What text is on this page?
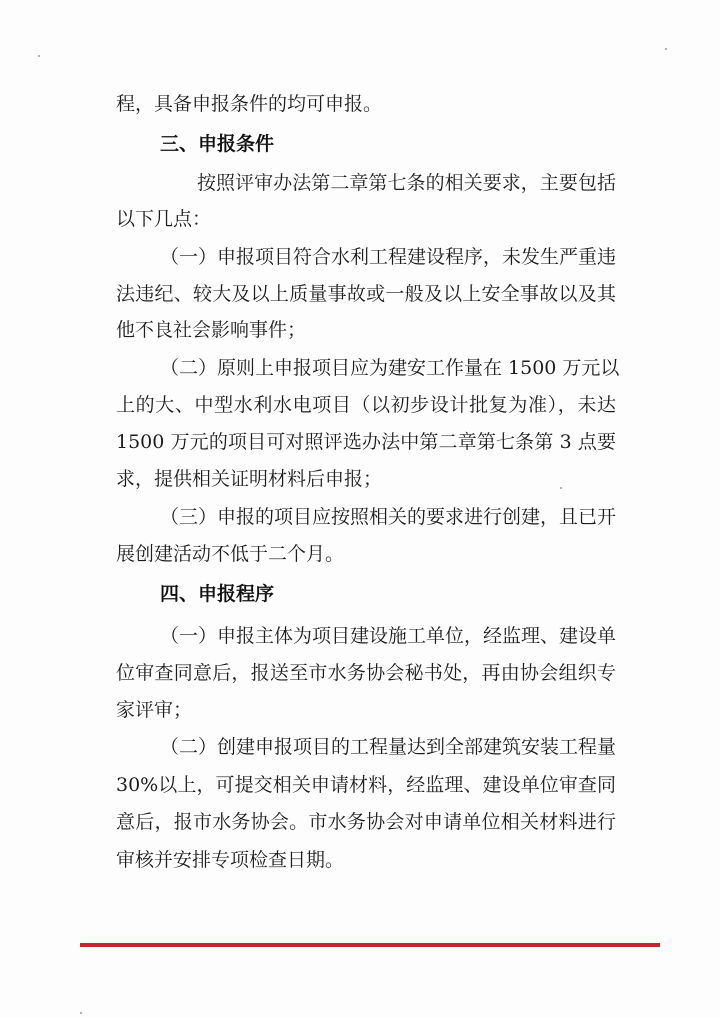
程，具备申报条件的均可申报。
三、申报条件
按照评审办法第二章第七条的相关要求，主要包括
以下几点：
（一）申报项目符合水利工程建设程序，未发生严重违
法违纪、较大及以上质量事故或一般及以上安全事故以及其
他不良社会影响事件；
（二）原则上申报项目应为建安工作量在 1500 万元以
上的大、中型水利水电项目（以初步设计批复为准），未达
1500 万元的项目可对照评选办法中第二章第七条第 3 点要
求，提供相关证明材料后申报；
（三）申报的项目应按照相关的要求进行创建，且已开
展创建活动不低于二个月。
四、申报程序
（一）申报主体为项目建设施工单位，经监理、建设单
位审查同意后，报送至市水务协会秘书处，再由协会组织专
家评审；
（二）创建申报项目的工程量达到全部建筑安装工程量
30%以上，可提交相关申请材料，经监理、建设单位审查同
意后，报市水务协会。市水务协会对申请单位相关材料进行
审核并安排专项检查日期。
